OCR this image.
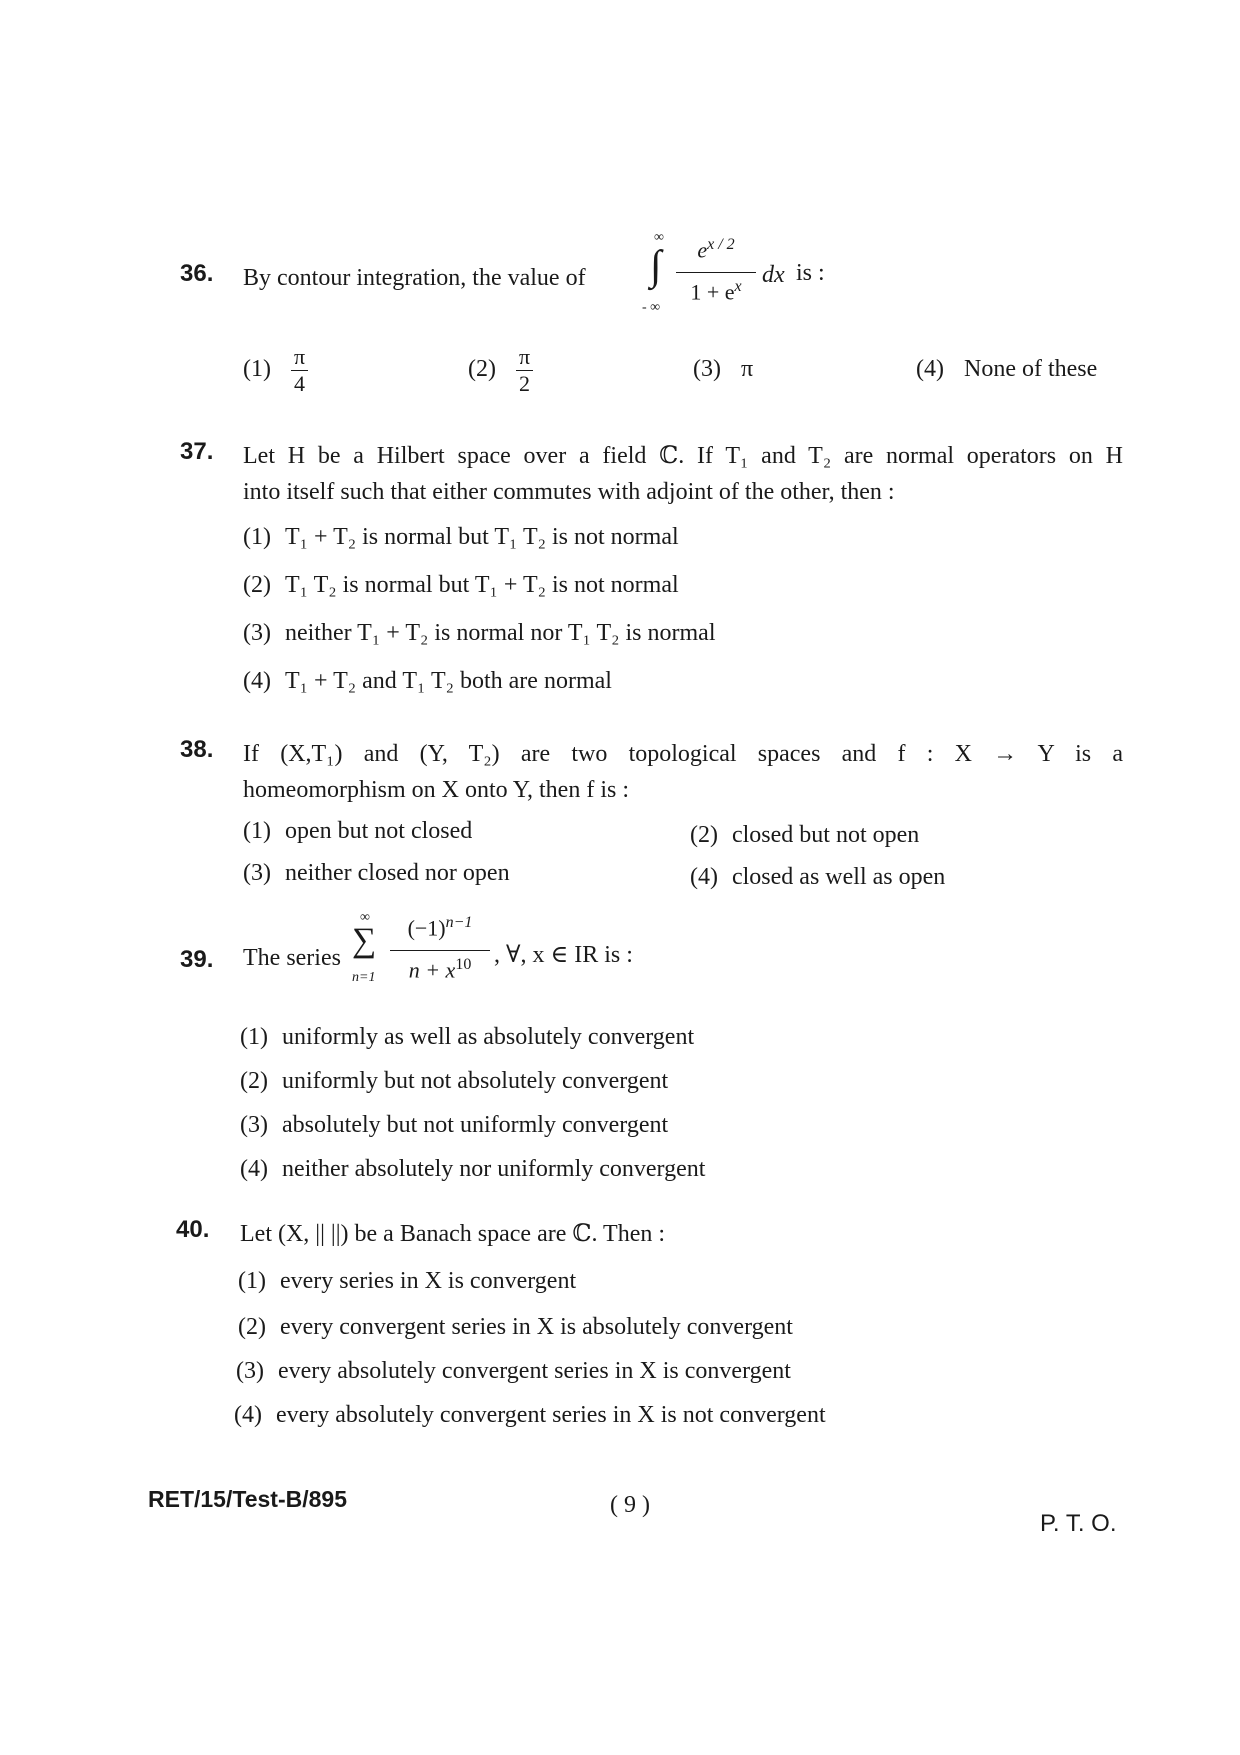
36. By contour integration, the value of
∞
∫
- ∞
$e^{x / 2}$
$1 + e^x$ dx is :
$(1) \frac{\pi}{4}$	$(2) \frac{\pi}{2}$	(3) π	(4) None of these
37. Let H be a Hilbert space over a field ℂ. If T₁ and T₂ are normal operators on H
into itself such that either commutes with adjoint of the other, then :
(1) T₁ + T₂ is normal but T₁ T₂ is not normal
(2) T₁ T₂ is normal but T₁ + T₂ is not normal
(3) neither T₁ + T₂ is normal nor T₁ T₂ is normal
(4) T₁ + T₂ and T₁ T₂ both are normal
38. If (X,T₁) and (Y, T₂) are two topological spaces and f : X → Y is a
homeomorphism on X onto Y, then f is :
(1) open but not closed	(2) closed but not open
(3) neither closed nor open	(4) closed as well as open
39. The series
∞
∑
n=1
$(-1)^{n-1}$
$n + x^{10}$ , ∀, x ∈ IR is :
(1) uniformly as well as absolutely convergent
(2) uniformly but not absolutely convergent
(3) absolutely but not uniformly convergent
(4) neither absolutely nor uniformly convergent
40. Let (X, || ||) be a Banach space are ℂ. Then :
(1) every series in X is convergent
(2) every convergent series in X is absolutely convergent
(3) every absolutely convergent series in X is convergent
(4) every absolutely convergent series in X is not convergent
RET/15/Test-B/895	( 9 )
P. T. O.
